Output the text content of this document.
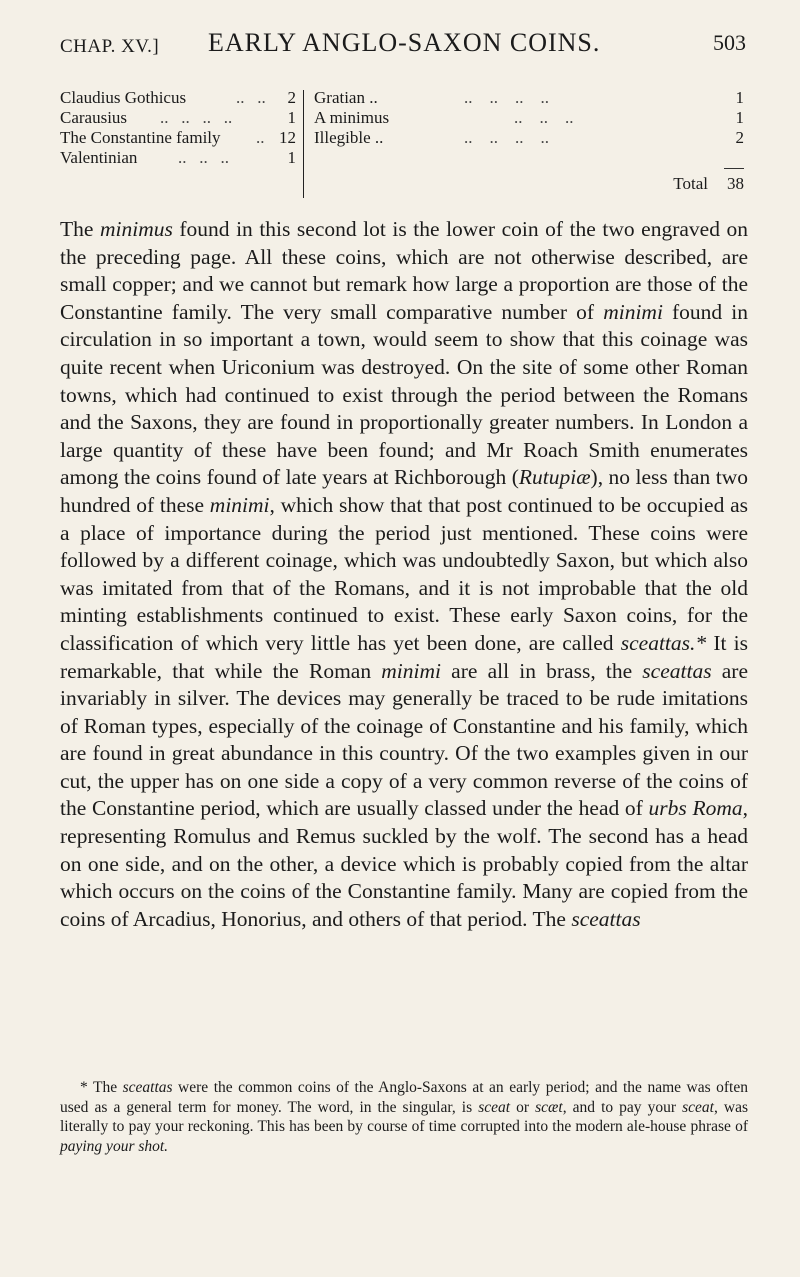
CHAP. XV.] EARLY ANGLO-SAXON COINS.	503
Claudius Gothicus	..   .. 2
Carausius ..   ..   ..   ..	1
The Constantine family .. 12
Valentinian ..   ..   ..	1
Gratian ..	..    ..    ..    ..	1
A minimus	..    ..    ..	1
Illegible ..	..    ..    ..    ..	2
Total 38

The minimus found in this second lot is the lower coin of the two engraved on the preceding page. All these coins, which are not otherwise described, are small copper; and we cannot but remark how large a proportion are those of the Constantine family. The very small comparative number of minimi found in circulation in so important a town, would seem to show that this coinage was quite recent when Uriconium was destroyed. On the site of some other Roman towns, which had continued to exist through the period between the Romans and the Saxons, they are found in proportionally greater numbers. In London a large quantity of these have been found; and Mr Roach Smith enumerates among the coins found of late years at Richborough (Rutupiæ), no less than two hundred of these minimi, which show that that post continued to be occupied as a place of importance during the period just mentioned. These coins were followed by a different coinage, which was undoubtedly Saxon, but which also was imitated from that of the Romans, and it is not improbable that the old minting establishments continued to exist. These early Saxon coins, for the classification of which very little has yet been done, are called sceattas.* It is remarkable, that while the Roman minimi are all in brass, the sceattas are invariably in silver. The devices may generally be traced to be rude imitations of Roman types, especially of the coinage of Constantine and his family, which are found in great abundance in this country. Of the two examples given in our cut, the upper has on one side a copy of a very common reverse of the coins of the Constantine period, which are usually classed under the head of urbs Roma, representing Romulus and Remus suckled by the wolf. The second has a head on one side, and on the other, a device which is probably copied from the altar which occurs on the coins of the Constantine family. Many are copied from the coins of Arcadius, Honorius, and others of that period. The sceattas

* The sceattas were the common coins of the Anglo-Saxons at an early period; and the name was often used as a general term for money. The word, in the singular, is sceat or scæt, and to pay your sceat, was literally to pay your reckoning. This has been by course of time corrupted into the modern ale-house phrase of paying your shot.
